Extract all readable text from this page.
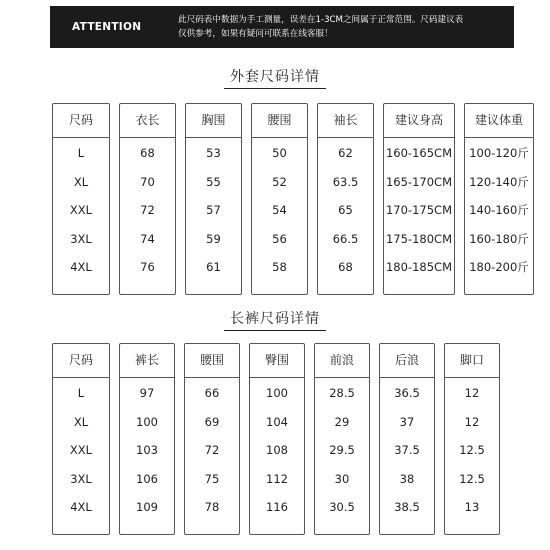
ATTENTION
此尺码表中数据为手工测量，误差在1-3CM之间属于正常范围。尺码建议表
仅供参考，如果有疑问可联系在线客服！
外套尺码详情
尺码
L
XL
XXL
3XL
4XL
衣长
68
70
72
74
76
胸围
53
55
57
59
61
腰围
50
52
54
56
58
袖长
62
63.5
65
66.5
68
建议身高
160-165CM
165-170CM
170-175CM
175-180CM
180-185CM
建议体重
100-120斤
120-140斤
140-160斤
160-180斤
180-200斤
长裤尺码详情
尺码
L
XL
XXL
3XL
4XL
裤长
97
100
103
106
109
腰围
66
69
72
75
78
臀围
100
104
108
112
116
前浪
28.5
29
29.5
30
30.5
后浪
36.5
37
37.5
38
38.5
脚口
12
12
12.5
12.5
13
